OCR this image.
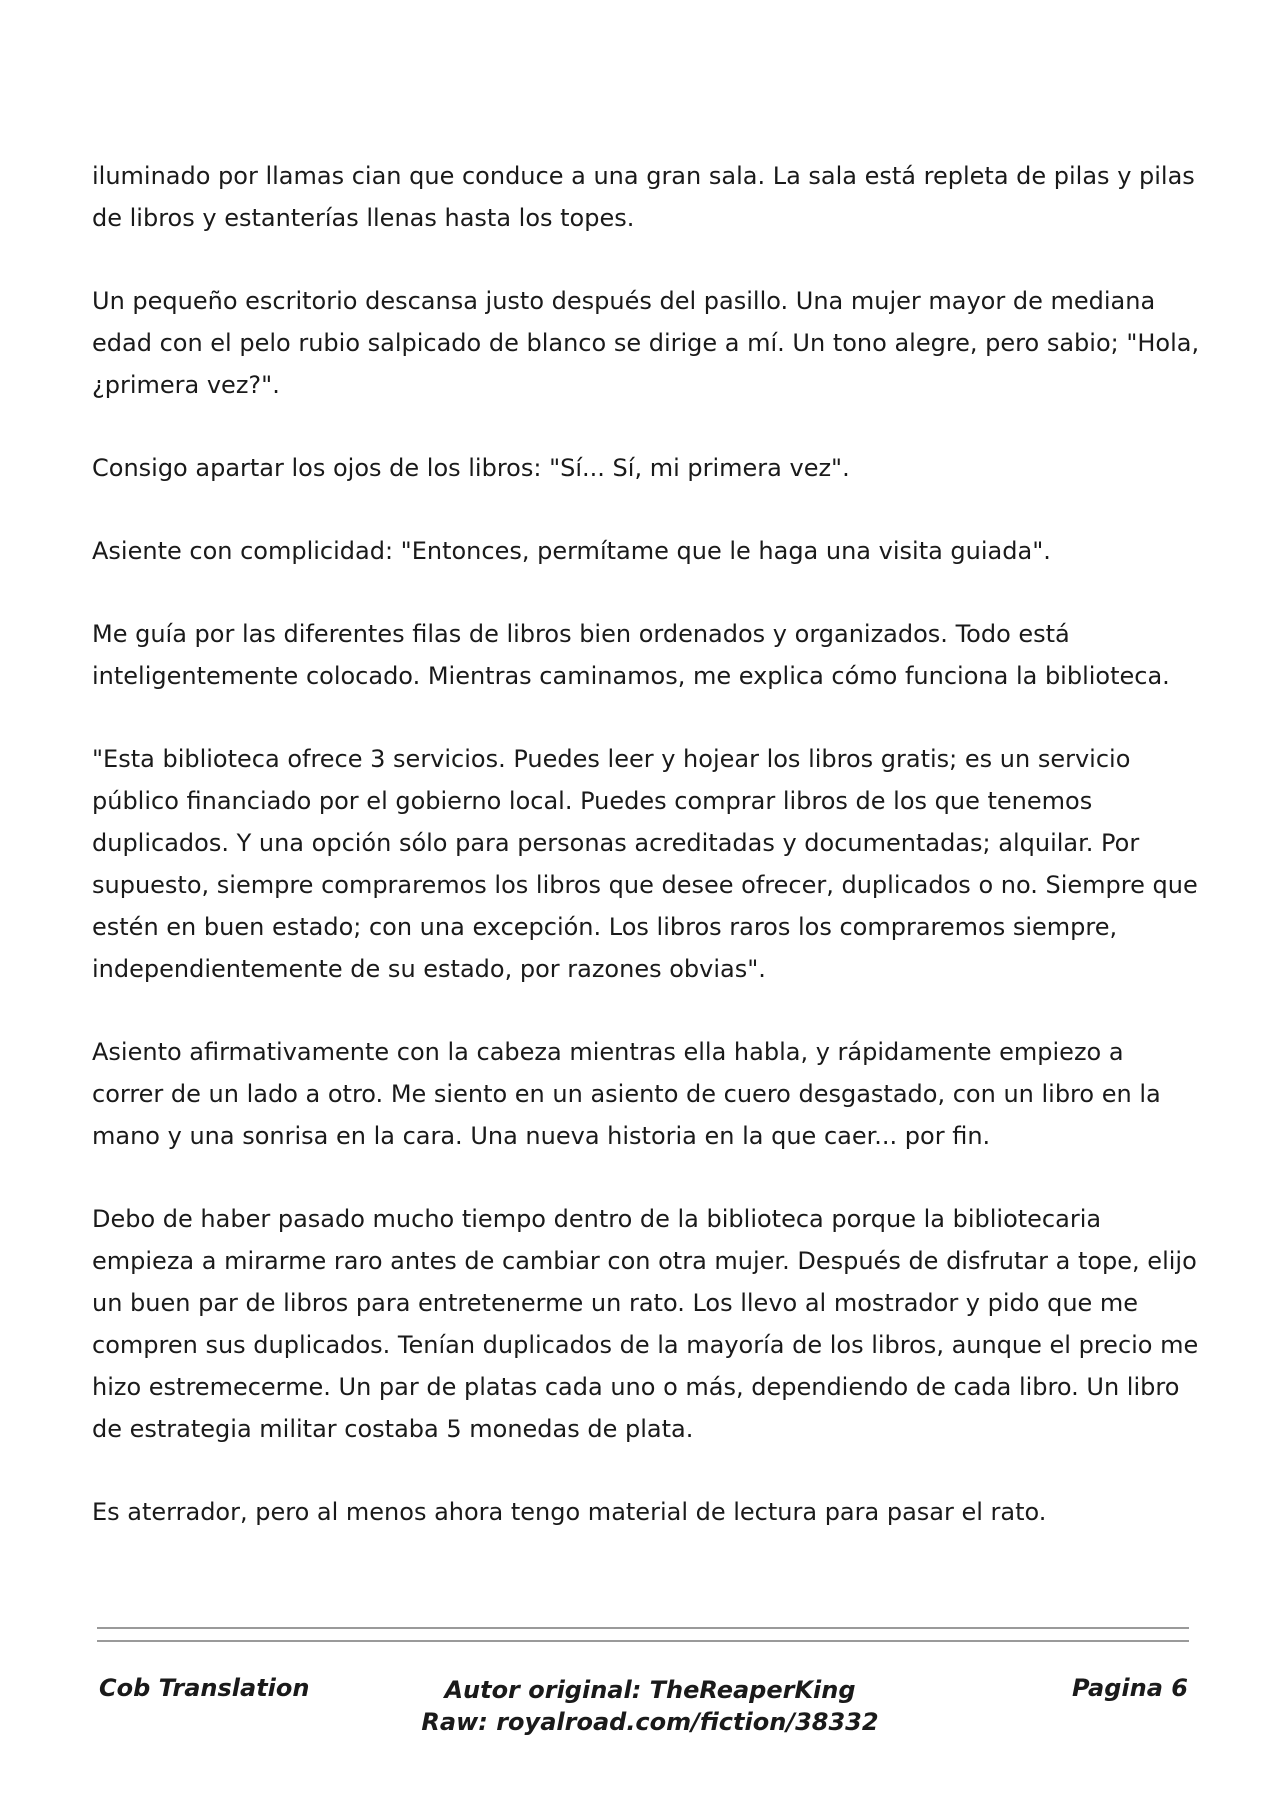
iluminado por llamas cian que conduce a una gran sala. La sala está repleta de pilas y pilas de libros y estanterías llenas hasta los topes.

Un pequeño escritorio descansa justo después del pasillo. Una mujer mayor de mediana edad con el pelo rubio salpicado de blanco se dirige a mí. Un tono alegre, pero sabio; "Hola, ¿primera vez?".

Consigo apartar los ojos de los libros: "Sí... Sí, mi primera vez".

Asiente con complicidad: "Entonces, permítame que le haga una visita guiada".

Me guía por las diferentes filas de libros bien ordenados y organizados. Todo está inteligentemente colocado. Mientras caminamos, me explica cómo funciona la biblioteca.

"Esta biblioteca ofrece 3 servicios. Puedes leer y hojear los libros gratis; es un servicio público financiado por el gobierno local. Puedes comprar libros de los que tenemos duplicados. Y una opción sólo para personas acreditadas y documentadas; alquilar. Por supuesto, siempre compraremos los libros que desee ofrecer, duplicados o no. Siempre que estén en buen estado; con una excepción. Los libros raros los compraremos siempre, independientemente de su estado, por razones obvias".

Asiento afirmativamente con la cabeza mientras ella habla, y rápidamente empiezo a correr de un lado a otro. Me siento en un asiento de cuero desgastado, con un libro en la mano y una sonrisa en la cara. Una nueva historia en la que caer... por fin.

Debo de haber pasado mucho tiempo dentro de la biblioteca porque la bibliotecaria empieza a mirarme raro antes de cambiar con otra mujer. Después de disfrutar a tope, elijo un buen par de libros para entretenerme un rato. Los llevo al mostrador y pido que me compren sus duplicados. Tenían duplicados de la mayoría de los libros, aunque el precio me hizo estremecerme. Un par de platas cada uno o más, dependiendo de cada libro. Un libro de estrategia militar costaba 5 monedas de plata.

Es aterrador, pero al menos ahora tengo material de lectura para pasar el rato.

Cob Translation	Autor original: TheReaperKing
Raw: royalroad.com/fiction/38332
Pagina 6
